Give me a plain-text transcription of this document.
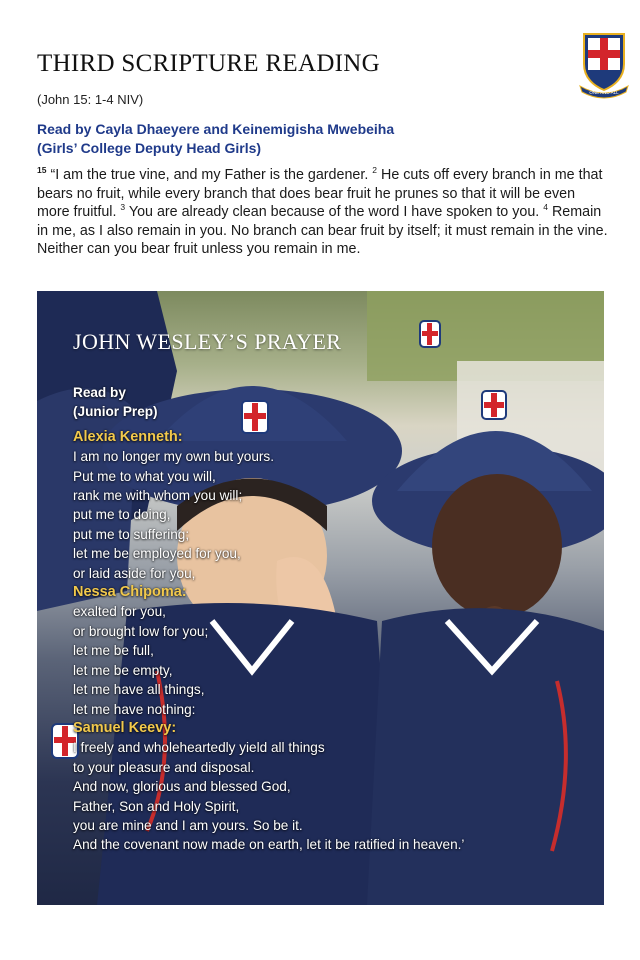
THIRD SCRIPTURE READING
ONE AND ALL
(John 15: 1-4 NIV)
Read by Cayla Dhaeyere and Keinemigisha Mwebeiha
(Girls’ College Deputy Head Girls)
$^{15}$ “I am the true vine, and my Father is the gardener. $^2$ He cuts off every branch in me that bears no fruit, while every branch that does bear fruit he prunes so that it will be even more fruitful. $^3$ You are already clean because of the word I have spoken to you. $^4$ Remain in me, as I also remain in you. No branch can bear fruit by itself; it must remain in the vine. Neither can you bear fruit unless you remain in me.
JOHN WESLEY’S PRAYER
Read by
(Junior Prep)
Alexia Kenneth:
I am no longer my own but yours.
Put me to what you will,
rank me with whom you will;
put me to doing,
put me to suffering;
let me be employed for you,
or laid aside for you,
Nessa Chipoma:
exalted for you,
or brought low for you;
let me be full,
let me be empty,
let me have all things,
let me have nothing:
Samuel Keevy:
I freely and wholeheartedly yield all things
to your pleasure and disposal.
And now, glorious and blessed God,
Father, Son and Holy Spirit,
you are mine and I am yours. So be it.
And the covenant now made on earth, let it be ratified in heaven.’
